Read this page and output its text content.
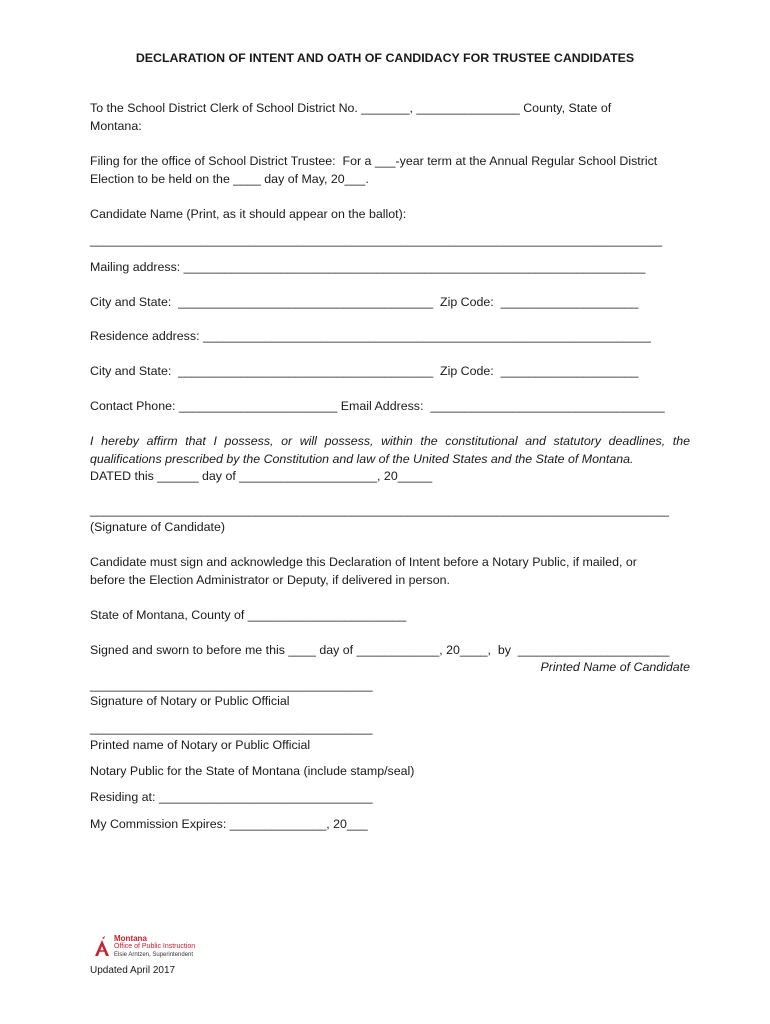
DECLARATION OF INTENT AND OATH OF CANDIDACY FOR TRUSTEE CANDIDATES
To the School District Clerk of School District No. _______, _______________ County, State of
Montana:
Filing for the office of School District Trustee:  For a ___-year term at the Annual Regular School District
Election to be held on the ____ day of May, 20___.
Candidate Name (Print, as it should appear on the ballot):
___________________________________________________________________________________
Mailing address: ___________________________________________________________________
City and State:  _____________________________________  Zip Code:  ____________________
Residence address: _________________________________________________________________
City and State:  _____________________________________  Zip Code:  ____________________
Contact Phone: _______________________ Email Address:  __________________________________
I hereby affirm that I possess, or will possess, within the constitutional and statutory deadlines, the
qualifications prescribed by the Constitution and law of the United States and the State of Montana.
DATED this ______ day of ____________________, 20_____
____________________________________________________________________________________
(Signature of Candidate)
Candidate must sign and acknowledge this Declaration of Intent before a Notary Public, if mailed, or
before the Election Administrator or Deputy, if delivered in person.
State of Montana, County of _______________________
Signed and sworn to before me this ____ day of ____________, 20____,  by  ______________________
Printed Name of Candidate
_________________________________________
Signature of Notary or Public Official
_________________________________________
Printed name of Notary or Public Official
Notary Public for the State of Montana (include stamp/seal)
Residing at: _______________________________
My Commission Expires: ______________, 20___
Montana
Office of Public Instruction
Elsie Arntzen, Superintendent
Updated April 2017
